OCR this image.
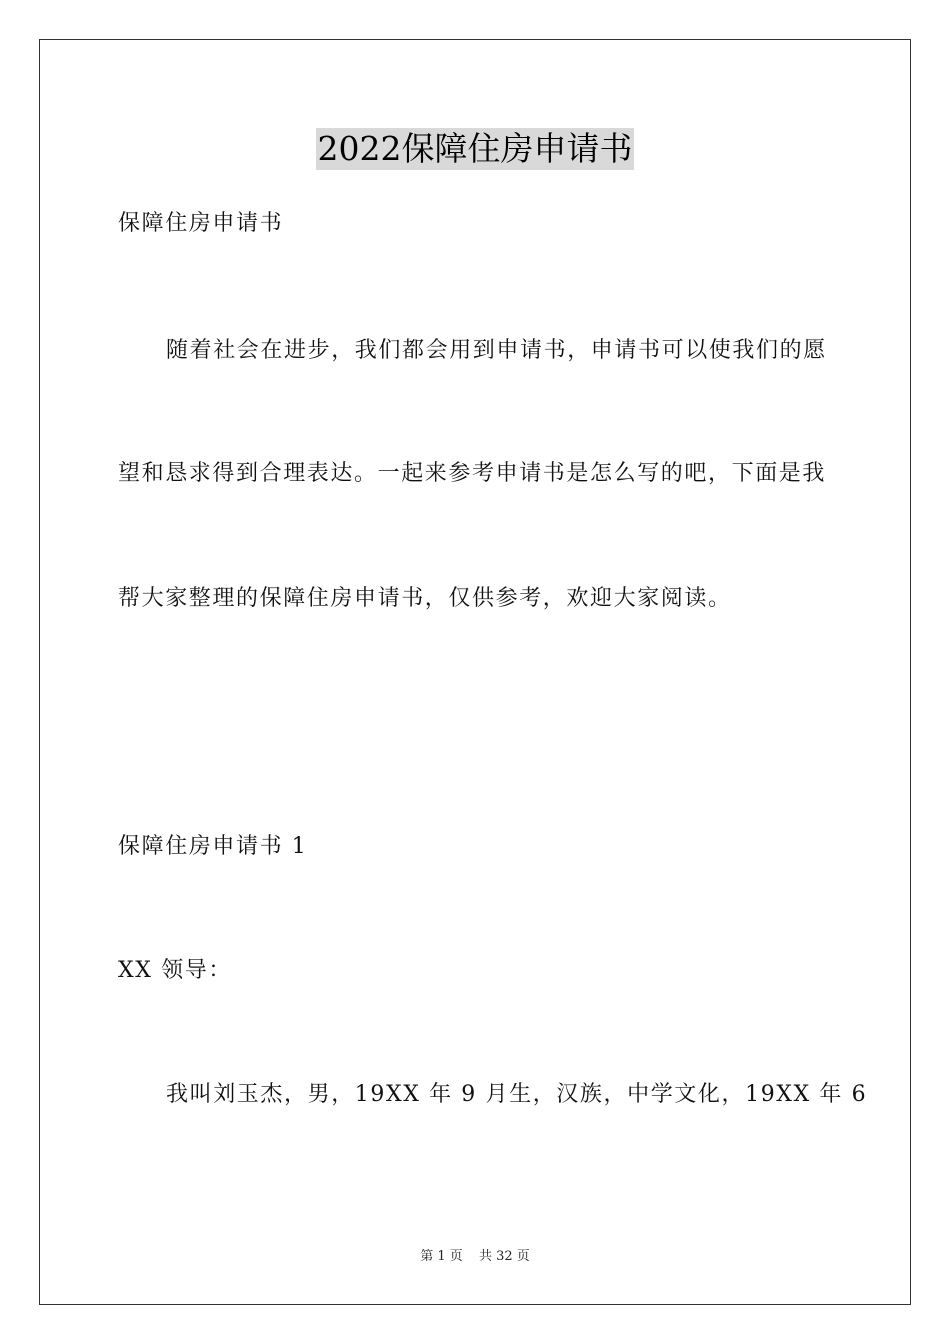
2022保障住房申请书
保障住房申请书
随着社会在进步，我们都会用到申请书，申请书可以使我们的愿
望和恳求得到合理表达。一起来参考申请书是怎么写的吧，下面是我
帮大家整理的保障住房申请书，仅供参考，欢迎大家阅读。
保障住房申请书 1
XX 领导：
我叫刘玉杰，男，19XX 年 9 月生，汉族，中学文化，19XX 年 6
第 1 页 共 32 页
